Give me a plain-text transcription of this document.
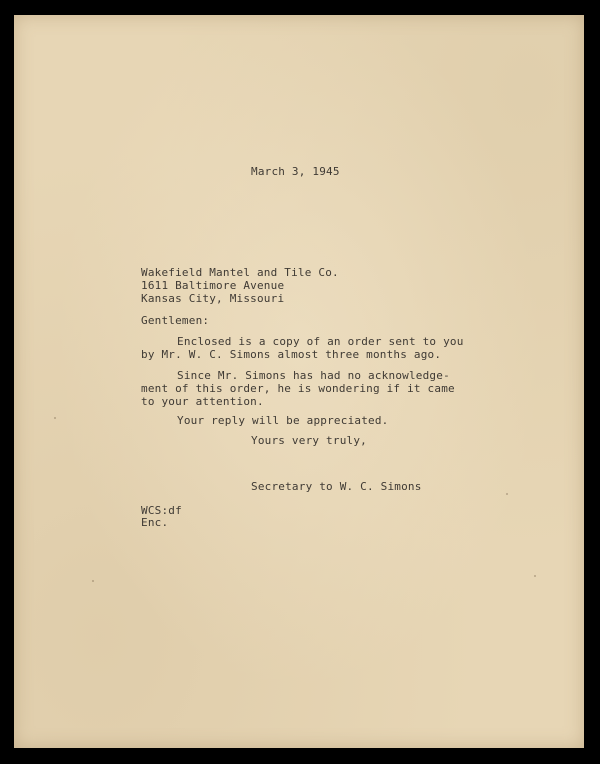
March 3, 1945

Wakefield Mantel and Tile Co.

1611 Baltimore Avenue

Kansas City, Missouri

Gentlemen:

Enclosed is a copy of an order sent to you

by Mr. W. C. Simons almost three months ago.

Since Mr. Simons has had no acknowledge-

ment of this order, he is wondering if it came

to your attention.

Your reply will be appreciated.

Yours very truly,

Secretary to W. C. Simons

WCS:df

Enc.
